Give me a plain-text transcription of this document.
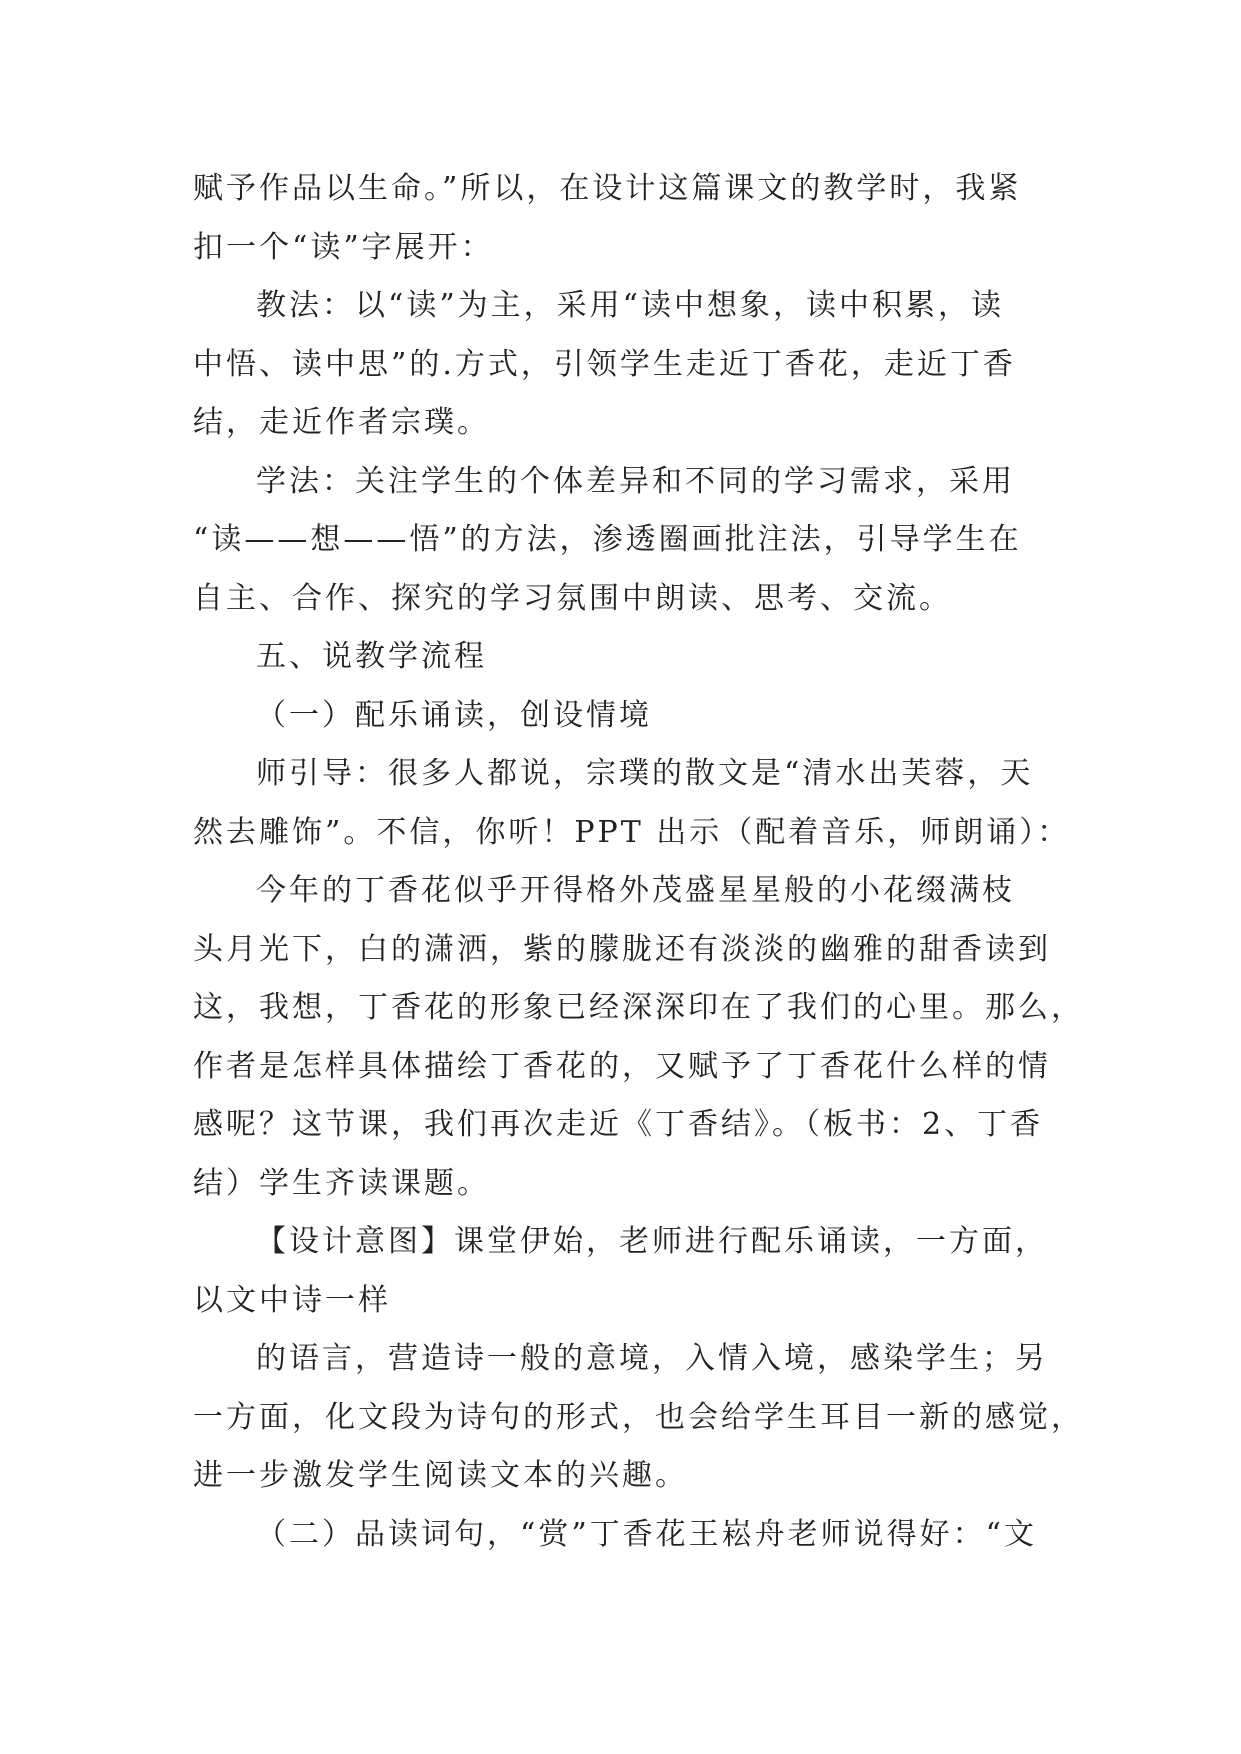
赋予作品以生命。”所以，在设计这篇课文的教学时，我紧
扣一个“读”字展开：
教法：以“读”为主，采用“读中想象，读中积累，读
中悟、读中思”的.方式，引领学生走近丁香花，走近丁香
结，走近作者宗璞。
学法：关注学生的个体差异和不同的学习需求，采用
“读——想——悟”的方法，渗透圈画批注法，引导学生在
自主、合作、探究的学习氛围中朗读、思考、交流。
五、说教学流程
（一）配乐诵读，创设情境
师引导：很多人都说，宗璞的散文是“清水出芙蓉，天
然去雕饰”。不信，你听！PPT 出示（配着音乐，师朗诵）：
今年的丁香花似乎开得格外茂盛星星般的小花缀满枝
头月光下，白的潇洒，紫的朦胧还有淡淡的幽雅的甜香读到
这，我想，丁香花的形象已经深深印在了我们的心里。那么，
作者是怎样具体描绘丁香花的，又赋予了丁香花什么样的情
感呢？这节课，我们再次走近《丁香结》。（板书：2、丁香
结）学生齐读课题。
【设计意图】课堂伊始，老师进行配乐诵读，一方面，
以文中诗一样
的语言，营造诗一般的意境，入情入境，感染学生；另
一方面，化文段为诗句的形式，也会给学生耳目一新的感觉，
进一步激发学生阅读文本的兴趣。
（二）品读词句，“赏”丁香花王崧舟老师说得好：“文
